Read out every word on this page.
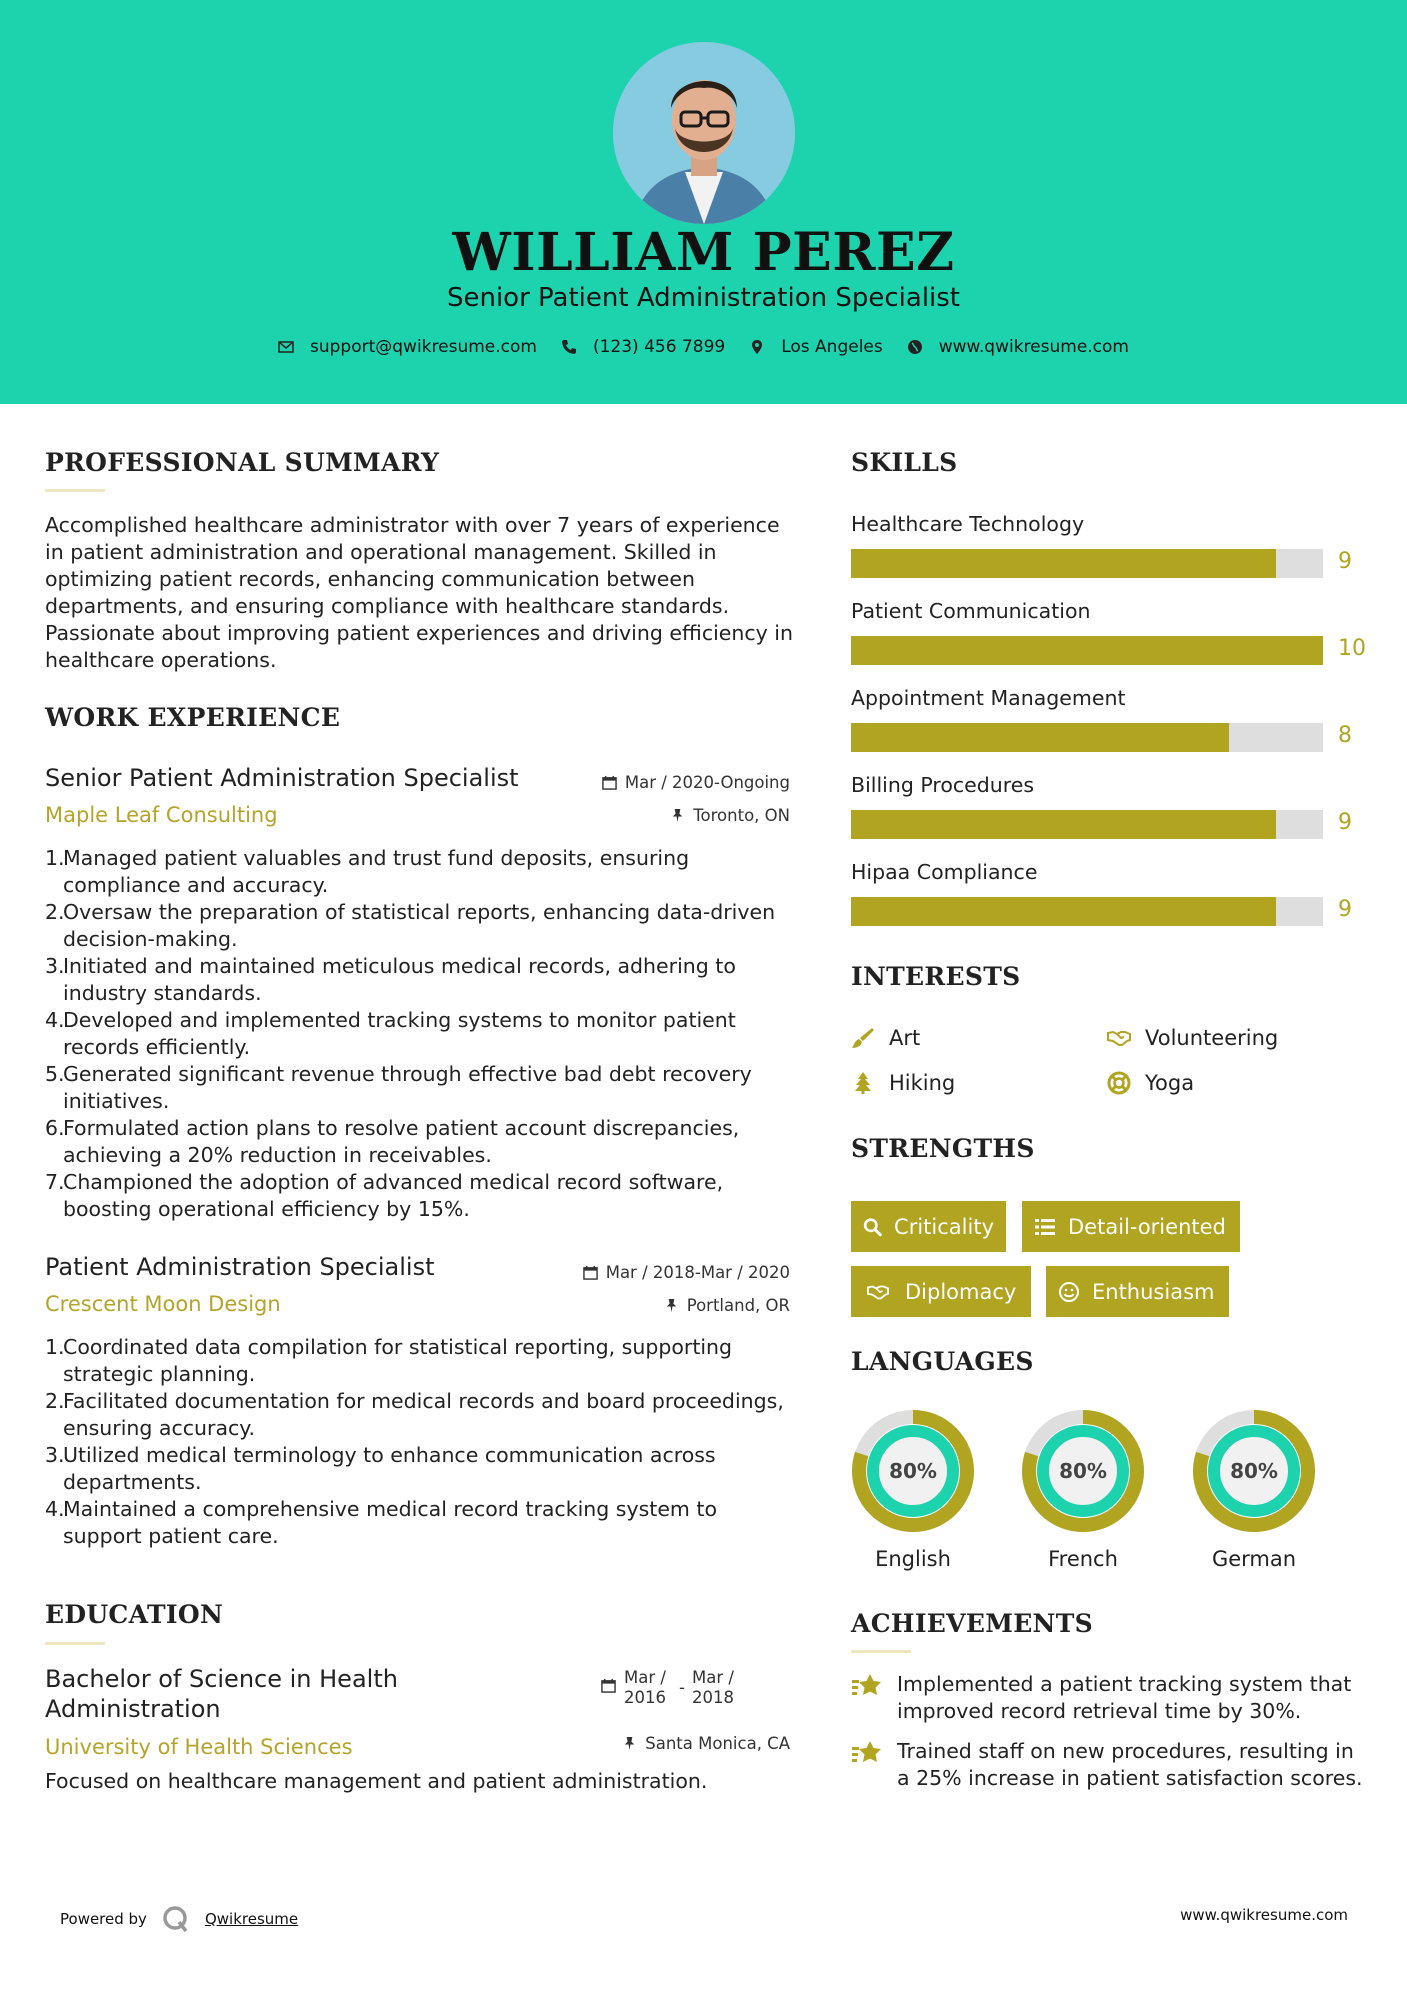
WILLIAM PEREZ
Senior Patient Administration Specialist
support@qwikresume.com	(123) 456 7899	Los Angeles	www.qwikresume.com
PROFESSIONAL SUMMARY
Accomplished healthcare administrator with over 7 years of experience in patient administration and operational management. Skilled in optimizing patient records, enhancing communication between departments, and ensuring compliance with healthcare standards. Passionate about improving patient experiences and driving efficiency in healthcare operations.
WORK EXPERIENCE
Senior Patient Administration Specialist	Mar / 2020-Ongoing
Maple Leaf Consulting	Toronto, ON
Managed patient valuables and trust fund deposits, ensuring compliance and accuracy.
Oversaw the preparation of statistical reports, enhancing data-driven decision-making.
Initiated and maintained meticulous medical records, adhering to industry standards.
Developed and implemented tracking systems to monitor patient records efficiently.
Generated significant revenue through effective bad debt recovery initiatives.
Formulated action plans to resolve patient account discrepancies, achieving a 20% reduction in receivables.
Championed the adoption of advanced medical record software, boosting operational efficiency by 15%.
Patient Administration Specialist	Mar / 2018-Mar / 2020
Crescent Moon Design	Portland, OR
Coordinated data compilation for statistical reporting, supporting strategic planning.
Facilitated documentation for medical records and board proceedings, ensuring accuracy.
Utilized medical terminology to enhance communication across departments.
Maintained a comprehensive medical record tracking system to support patient care.
EDUCATION
Bachelor of Science in Health Administration
Mar / 2016
-
Mar / 2018
University of Health Sciences	Santa Monica, CA
Focused on healthcare management and patient administration.
SKILLS
Healthcare Technology
9
Patient Communication
10
Appointment Management
8
Billing Procedures
9
Hipaa Compliance
9
INTERESTS
Art	Volunteering
Hiking	Yoga
STRENGTHS
Criticality	Detail-oriented
Diplomacy	Enthusiasm
LANGUAGES
80%
English
80%
French
80%
German
ACHIEVEMENTS
Implemented a patient tracking system that improved record retrieval time by 30%.
Trained staff on new procedures, resulting in a 25% increase in patient satisfaction scores.
Powered by	Qwikresume	www.qwikresume.com
